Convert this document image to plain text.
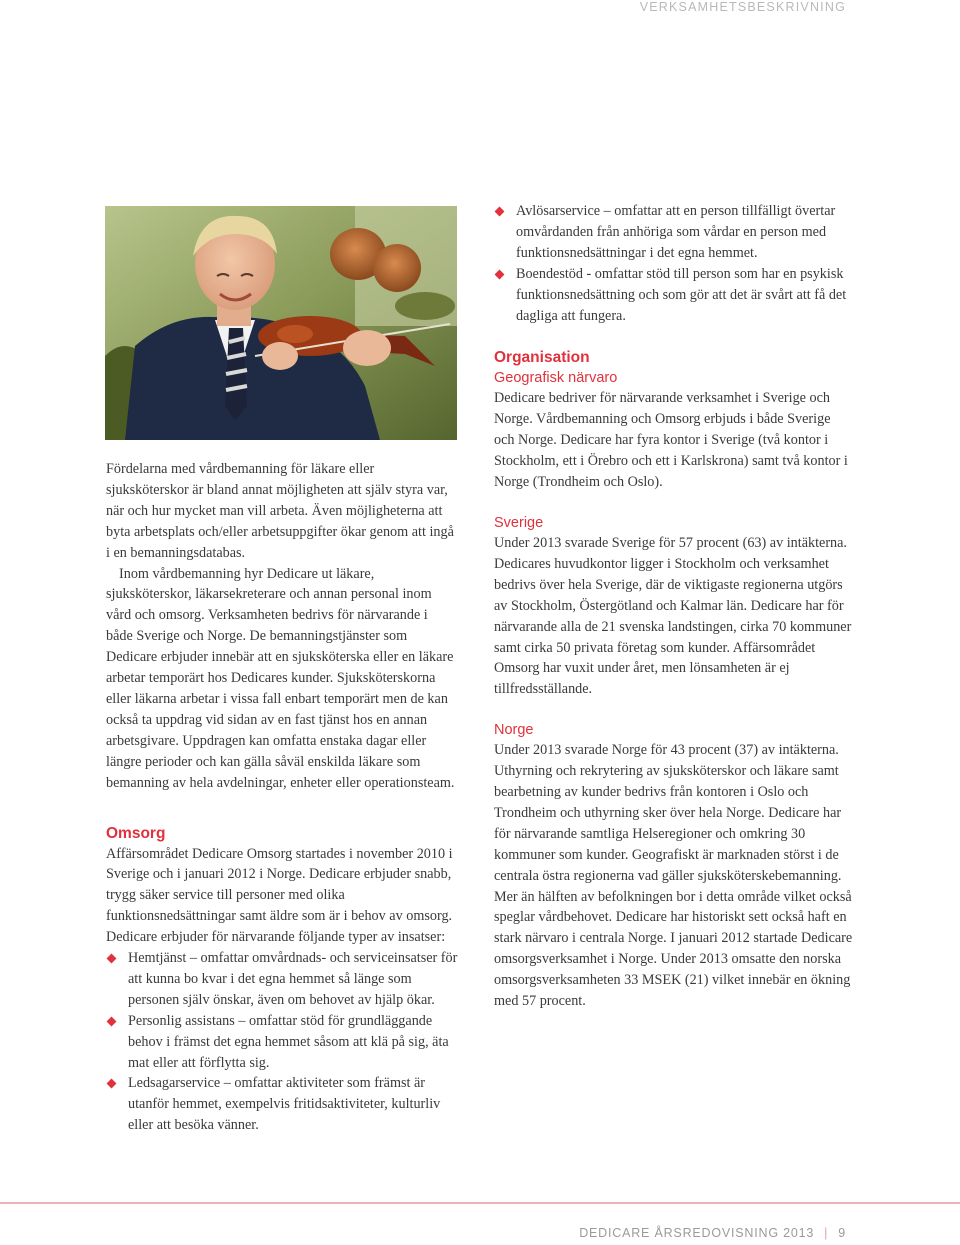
VERKSAMHETSBESKRIVNING

Fördelarna med vårdbemanning för läkare eller sjuksköterskor är bland annat möjligheten att själv styra var, när och hur mycket man vill arbeta. Även möjligheterna att byta arbetsplats och/eller arbetsuppgifter ökar genom att ingå i en bemanningsdatabas.

Inom vårdbemanning hyr Dedicare ut läkare, sjuksköterskor, läkarsekreterare och annan personal inom vård och omsorg. Verksamheten bedrivs för närvarande i både Sverige och Norge. De bemanningstjänster som Dedicare erbjuder innebär att en sjuksköterska eller en läkare arbetar temporärt hos Dedicares kunder. Sjuksköterskorna eller läkarna arbetar i vissa fall enbart temporärt men de kan också ta uppdrag vid sidan av en fast tjänst hos en annan arbetsgivare. Uppdragen kan omfatta enstaka dagar eller längre perioder och kan gälla såväl enskilda läkare som bemanning av hela avdelningar, enheter eller operationsteam.

Omsorg

Affärsområdet Dedicare Omsorg startades i november 2010 i Sverige och i januari 2012 i Norge. Dedicare erbjuder snabb, trygg säker service till personer med olika funktionsnedsättningar samt äldre som är i behov av omsorg. Dedicare erbjuder för närvarande följande typer av insatser:

Hemtjänst – omfattar omvårdnads- och serviceinsatser för att kunna bo kvar i det egna hemmet så länge som personen själv önskar, även om behovet av hjälp ökar.
Personlig assistans – omfattar stöd för grundläggande behov i främst det egna hemmet såsom att klä på sig, äta mat eller att förflytta sig.
Ledsagarservice – omfattar aktiviteter som främst är utanför hemmet, exempelvis fritidsaktiviteter, kulturliv eller att besöka vänner.
Avlösarservice – omfattar att en person tillfälligt övertar omvårdanden från anhöriga som vårdar en person med funktionsnedsättningar i det egna hemmet.
Boendestöd - omfattar stöd till person som har en psykisk funktionsnedsättning och som gör att det är svårt att få det dagliga att fungera.
Organisation
Geografisk närvaro

Dedicare bedriver för närvarande verksamhet i Sverige och Norge. Vårdbemanning och Omsorg erbjuds i både Sverige och Norge. Dedicare har fyra kontor i Sverige (två kontor i Stockholm, ett i Örebro och ett i Karlskrona) samt två kontor i Norge (Trondheim och Oslo).

Sverige

Under 2013 svarade Sverige för 57 procent (63) av intäkterna. Dedicares huvudkontor ligger i Stockholm och verksamhet bedrivs över hela Sverige, där de viktigaste regionerna utgörs av Stockholm, Östergötland och Kalmar län. Dedicare har för närvarande alla de 21 svenska landstingen, cirka 70 kommuner samt cirka 50 privata företag som kunder. Affärsområdet Omsorg har vuxit under året, men lönsamheten är ej tillfredsställande.

Norge

Under 2013 svarade Norge för 43 procent (37) av intäkterna. Uthyrning och rekrytering av sjuksköterskor och läkare samt bearbetning av kunder bedrivs från kontoren i Oslo och Trondheim och uthyrning sker över hela Norge. Dedicare har för närvarande samtliga Helseregioner och omkring 30 kommuner som kunder. Geografiskt är marknaden störst i de centrala östra regionerna vad gäller sjuksköterskebemanning. Mer än hälften av befolkningen bor i detta område vilket också speglar vårdbehovet. Dedicare har historiskt sett också haft en stark närvaro i centrala Norge. I januari 2012 startade Dedicare omsorgsverksamhet i Norge. Under 2013 omsatte den norska omsorgsverksamheten 33 MSEK (21) vilket innebär en ökning med 57 procent.

DEDICARE ÅRSREDOVISNING 2013 | 9
